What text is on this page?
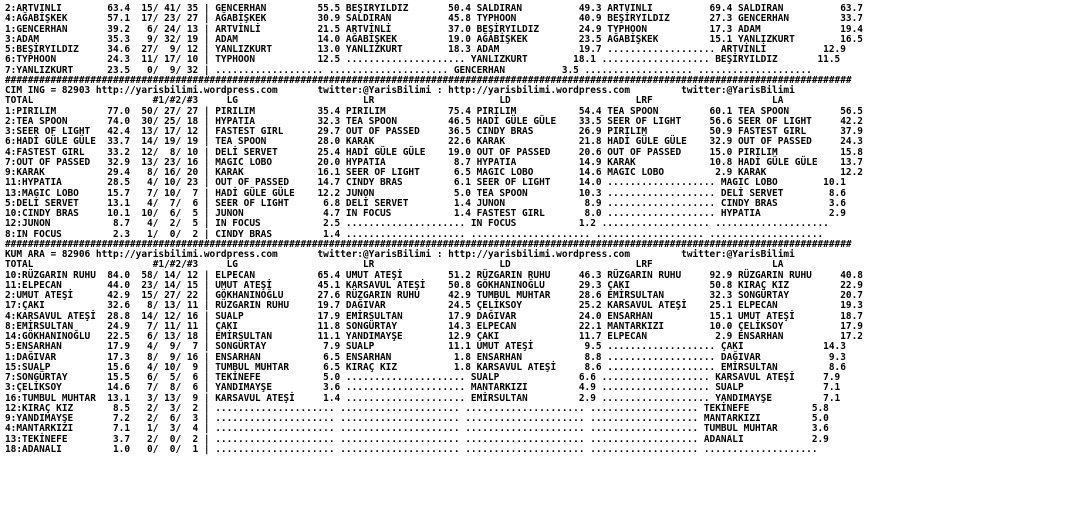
2:ARTVİNLİ        63.4  15/ 41/ 35 | GENCERHAN         55.5 BEŞİRYILDIZ       50.4 SALDIRAN          49.3 ARTVİNLİ          69.4 SALDIRAN          63.7
4:AĞABİŞKEK       57.1  17/ 23/ 27 | AĞABİŞKEK         30.9 SALDIRAN          45.8 TYPHOON           40.9 BEŞİRYILDIZ       27.3 GENCERHAN         33.7
1:GENCERHAN       39.2   6/ 24/ 13 | ARTVİNLİ          21.5 ARTVİNLİ          37.0 BEŞİRYILDIZ       24.9 TYPHOON           17.3 ADAM              19.4
3:ADAM            35.3   9/ 32/ 19 | ADAM              14.0 AĞABİŞKEK         19.0 AĞABİŞKEK         23.5 AĞABİŞKEK         15.1 YANLIZKURT        16.5
5:BEŞİRYILDIZ     34.6  27/  9/ 12 | YANLIZKURT        13.0 YANLIZKURT        18.3 ADAM              19.7 ................... ARTVİNLİ          12.9
6:TYPHOON         24.3  11/ 17/ 10 | TYPHOON           12.5 ..................... YANLIZKURT        18.1 ................... BEŞİRYILDIZ       11.5
7:YANLIZKURT      23.5   0/  9/ 32 | ................... ..................... GENCERHAN          3.5 ................... ....................
#####################################################################################################################################################
CIM ING = 82903 http://yarisbilimi.wordpress.com       twitter:@YarisBilimi : http://yarisbilimi.wordpress.com         twitter:@YarisBilimi
TOTAL                     #1/#2/#3     LG                      LR                      LD                      LRF                     LA
1:PIRILIM         77.0  50/ 27/ 27 | PIRILIM           35.4 PIRILIM           75.4 PIRILIM           54.4 TEA SPOON         60.1 TEA SPOON         56.5
2:TEA SPOON       74.0  30/ 25/ 18 | HYPATIA           32.3 TEA SPOON         46.5 HADİ GÜLE GÜLE    33.5 SEER OF LIGHT     56.6 SEER OF LIGHT     42.2
3:SEER OF LIGHT   42.4  13/ 17/ 12 | FASTEST GIRL      29.7 OUT OF PASSED     36.5 CINDY BRAS        26.9 PIRILIM           50.9 FASTEST GIRL      37.9
6:HADİ GÜLE GÜLE  33.7  14/ 19/ 19 | TEA SPOON         28.0 KARAK             22.6 KARAK             21.8 HADİ GÜLE GÜLE    32.9 OUT OF PASSED     24.3
4:FASTEST GIRL    33.2  12/  8/ 10 | DELİ SERVET       25.4 HADİ GÜLE GÜLE    19.0 OUT OF PASSED     20.6 OUT OF PASSED     15.0 PIRILIM           15.8
7:OUT OF PASSED   32.9  13/ 23/ 16 | MAGIC LOBO        20.0 HYPATIA            8.7 HYPATIA           14.9 KARAK             10.8 HADİ GÜLE GÜLE    13.7
9:KARAK           29.4   8/ 16/ 20 | KARAK             16.1 SEER OF LIGHT      6.5 MAGIC LOBO        14.6 MAGIC LOBO         2.9 KARAK             12.2
11:HYPATIA        28.5   4/ 10/ 23 | OUT OF PASSED     14.7 CINDY BRAS         6.1 SEER OF LIGHT     14.0 ................... MAGIC LOBO        10.1
13:MAGIC LOBO     15.7   7/ 10/  7 | HADİ GÜLE GÜLE    12.2 JUNON              5.0 TEA SPOON         10.3 ................... DELİ SERVET        8.6
5:DELİ SERVET     13.1   4/  7/  6 | SEER OF LIGHT      6.8 DELİ SERVET        1.4 JUNON              8.9 ................... CINDY BRAS         3.6
10:CINDY BRAS     10.1  10/  6/  5 | JUNON              4.7 IN FOCUS           1.4 FASTEST GIRL       8.0 ................... HYPATIA            2.9
12:JUNON           8.7   4/  2/  5 | IN FOCUS           2.5 ..................... IN FOCUS           1.2 ................... ....................
8:IN FOCUS         2.3   1/  0/  2 | CINDY BRAS         1.4 ..................... ..................... ................... ....................
#####################################################################################################################################################
KUM ARA = 82906 http://yarisbilimi.wordpress.com       twitter:@YarisBilimi : http://yarisbilimi.wordpress.com         twitter:@YarisBilimi
TOTAL                     #1/#2/#3     LG                      LR                      LD                      LRF                     LA
10:RÜZGARIN RUHU  84.0  58/ 14/ 12 | ELPECAN           65.4 UMUT ATEŞİ        51.2 RÜZGARIN RUHU     46.3 RÜZGARIN RUHU     92.9 RÜZGARIN RUHU     40.8
11:ELPECAN        44.0  23/ 14/ 15 | UMUT ATEŞİ        45.1 KARSAVUL ATEŞİ    50.8 GÖKHANINOĞLU      29.3 ÇAKI              50.8 KIRAÇ KIZ         22.9
2:UMUT ATEŞİ      42.9  15/ 27/ 22 | GÖKHANINOĞLU      27.6 RÜZGARIN RUHU     42.9 TUMBUL MUHTAR     28.6 EMİRSULTAN        32.3 SONGÜRTAY         20.7
17:ÇAKI           32.6   8/ 13/ 11 | RÜZGARIN RUHU     19.7 DAĞIVAR           24.5 ÇELİKSOY          25.2 KARSAVUL ATEŞİ    25.1 ELPECAN           19.3
4:KARSAVUL ATEŞİ  28.8  14/ 12/ 16 | SUALP             17.9 EMİRSULTAN        17.9 DAĞIVAR           24.0 ENSARHAN          15.1 UMUT ATEŞİ        18.7
8:EMİRSULTAN      24.9   7/ 11/ 11 | ÇAKI              11.8 SONGÜRTAY         14.3 ELPECAN           22.1 MANTARKIZI        10.0 ÇELİKSOY          17.9
14:GÖKHANINOĞLU   22.5   6/ 13/ 18 | EMİRSULTAN        11.1 YANDIMAYŞE        12.9 ÇAKI              11.7 ELPECAN            2.9 ENSARHAN          17.2
5:ENSARHAN        17.9   4/  9/  7 | SONGÜRTAY          7.9 SUALP             11.1 UMUT ATEŞİ         9.5 ................... ÇAKI              14.3
1:DAĞIVAR         17.3   8/  9/ 16 | ENSARHAN           6.5 ENSARHAN           1.8 ENSARHAN           8.8 ................... DAĞIVAR            9.3
15:SUALP          15.6   4/ 10/  9 | TUMBUL MUHTAR      6.5 KIRAÇ KIZ          1.8 KARSAVUL ATEŞİ     8.6 ................... EMİRSULTAN         8.6
7:SONGÜRTAY       15.5   6/  5/  6 | TEKİNEFE           5.0 ..................... SUALP              6.6 ................... KARSAVUL ATEŞİ     7.9
3:ÇELİKSOY        14.6   7/  8/  6 | YANDIMAYŞE         3.6 ..................... MANTARKIZI         4.9 ................... SUALP              7.1
16:TUMBUL MUHTAR  13.1   3/ 13/  9 | KARSAVUL ATEŞİ     1.4 ..................... EMİRSULTAN         2.9 ................... YANDIMAYŞE         7.1
12:KIRAÇ KIZ       8.5   2/  3/  2 | ..................... ..................... ..................... ................... TEKİNEFE           5.8
9:YANDIMAYŞE       7.2   2/  6/  3 | ..................... ..................... ..................... ................... MANTARKIZI         5.0
4:MANTARKIZI       7.1   1/  3/  4 | ..................... ..................... ..................... ................... TUMBUL MUHTAR      3.6
13:TEKİNEFE        3.7   2/  0/  2 | ..................... ..................... ..................... ................... ADANALI            2.9
18:ADANALI         1.0   0/  0/  1 | ..................... ..................... ..................... ................... ....................
